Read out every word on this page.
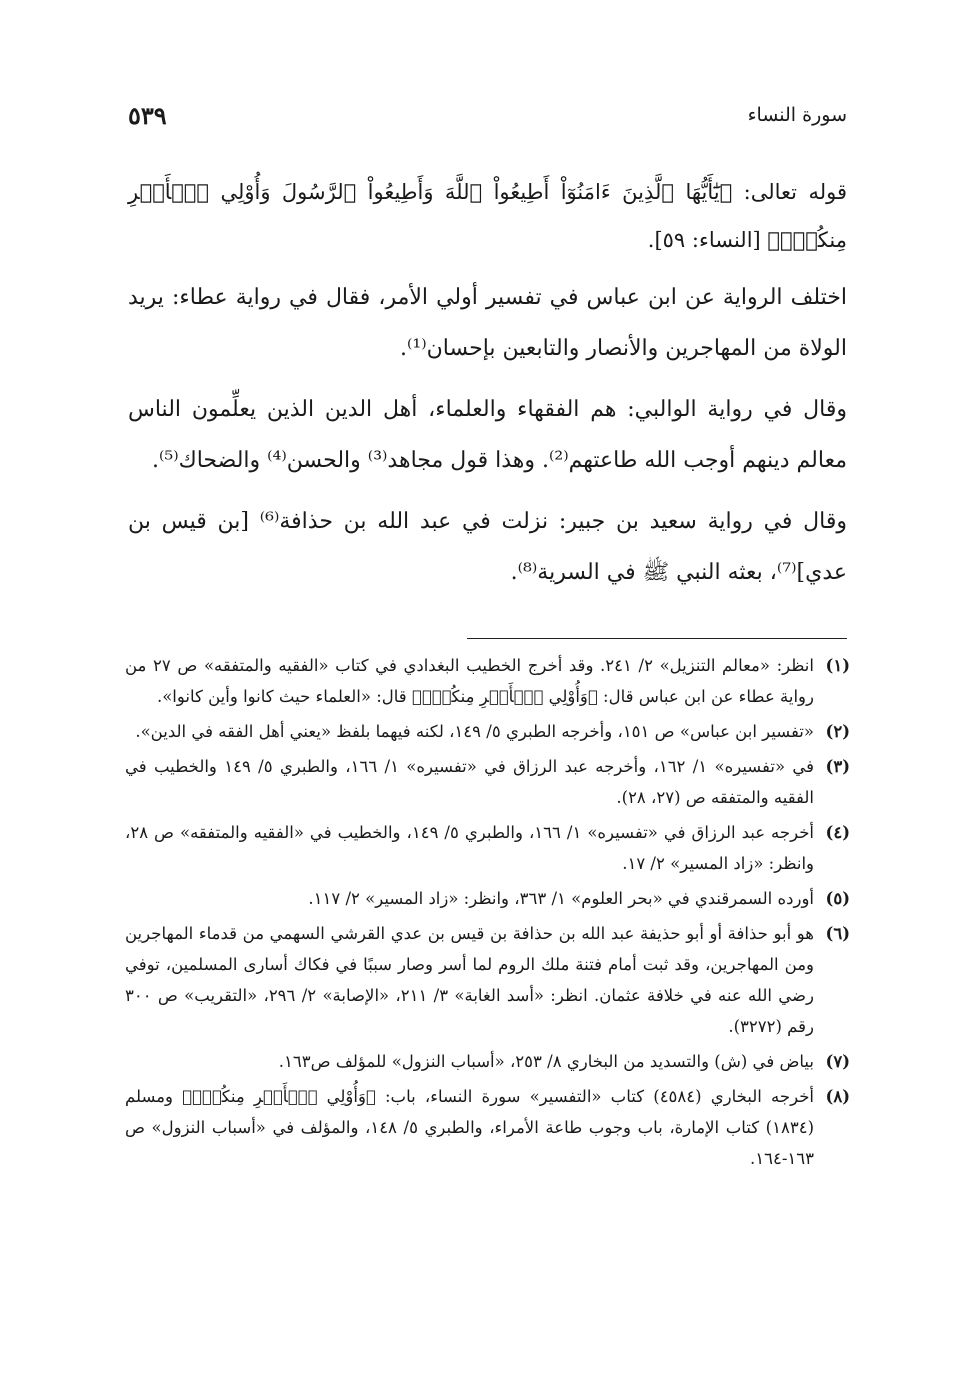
سورة النساء
٥٣٩

قوله تعالى: ﴿يَٰٓأَيُّهَا ٱلَّذِينَ ءَامَنُوٓاْ أَطِيعُواْ ٱللَّهَ وَأَطِيعُواْ ٱلرَّسُولَ وَأُوْلِي ٱلۡأَمۡرِ مِنكُمۡۖ﴾ [النساء: ٥٩].

اختلف الرواية عن ابن عباس في تفسير أولي الأمر، فقال في رواية عطاء: يريد الولاة من المهاجرين والأنصار والتابعين بإحسان⁽¹⁾.

وقال في رواية الوالبي: هم الفقهاء والعلماء، أهل الدين الذين يعلِّمون الناس معالم دينهم أوجب الله طاعتهم⁽²⁾. وهذا قول مجاهد⁽³⁾ والحسن⁽⁴⁾ والضحاك⁽⁵⁾.

وقال في رواية سعيد بن جبير: نزلت في عبد الله بن حذافة⁽⁶⁾ [بن قيس بن عدي]⁽⁷⁾، بعثه النبي ﷺ في السرية⁽⁸⁾.

(١)
انظر: «معالم التنزيل» ٢/ ٢٤١. وقد أخرج الخطيب البغدادي في كتاب «الفقيه والمتفقه» ص ٢٧ من رواية عطاء عن ابن عباس قال: ﴿وَأُوْلِي ٱلۡأَمۡرِ مِنكُمۡۖ﴾ قال: «العلماء حيث كانوا وأين كانوا».
(٢)
«تفسير ابن عباس» ص ١٥١، وأخرجه الطبري ٥/ ١٤٩، لكنه فيهما بلفظ «يعني أهل الفقه في الدين».
(٣)
في «تفسيره» ١/ ١٦٢، وأخرجه عبد الرزاق في «تفسيره» ١/ ١٦٦، والطبري ٥/ ١٤٩ والخطيب في الفقيه والمتفقه ص (٢٧، ٢٨).
(٤)
أخرجه عبد الرزاق في «تفسيره» ١/ ١٦٦، والطبري ٥/ ١٤٩، والخطيب في «الفقيه والمتفقه» ص ٢٨، وانظر: «زاد المسير» ٢/ ١٧.
(٥)
أورده السمرقندي في «بحر العلوم» ١/ ٣٦٣، وانظر: «زاد المسير» ٢/ ١١٧.
(٦)
هو أبو حذافة أو أبو حذيفة عبد الله بن حذافة بن قيس بن عدي القرشي السهمي من قدماء المهاجرين ومن المهاجرين، وقد ثبت أمام فتنة ملك الروم لما أسر وصار سببًا في فكاك أسارى المسلمين، توفي رضي الله عنه في خلافة عثمان. انظر: «أسد الغابة» ٣/ ٢١١، «الإصابة» ٢/ ٢٩٦، «التقريب» ص ٣٠٠ رقم (٣٢٧٢).
(٧)
بياض في (ش) والتسديد من البخاري ٨/ ٢٥٣، «أسباب النزول» للمؤلف ص١٦٣.
(٨)
أخرجه البخاري (٤٥٨٤) كتاب «التفسير» سورة النساء، باب: ﴿وَأُوْلِي ٱلۡأَمۡرِ مِنكُمۡۖ﴾ ومسلم (١٨٣٤) كتاب الإمارة، باب وجوب طاعة الأمراء، والطبري ٥/ ١٤٨، والمؤلف في «أسباب النزول» ص ١٦٣-١٦٤.
